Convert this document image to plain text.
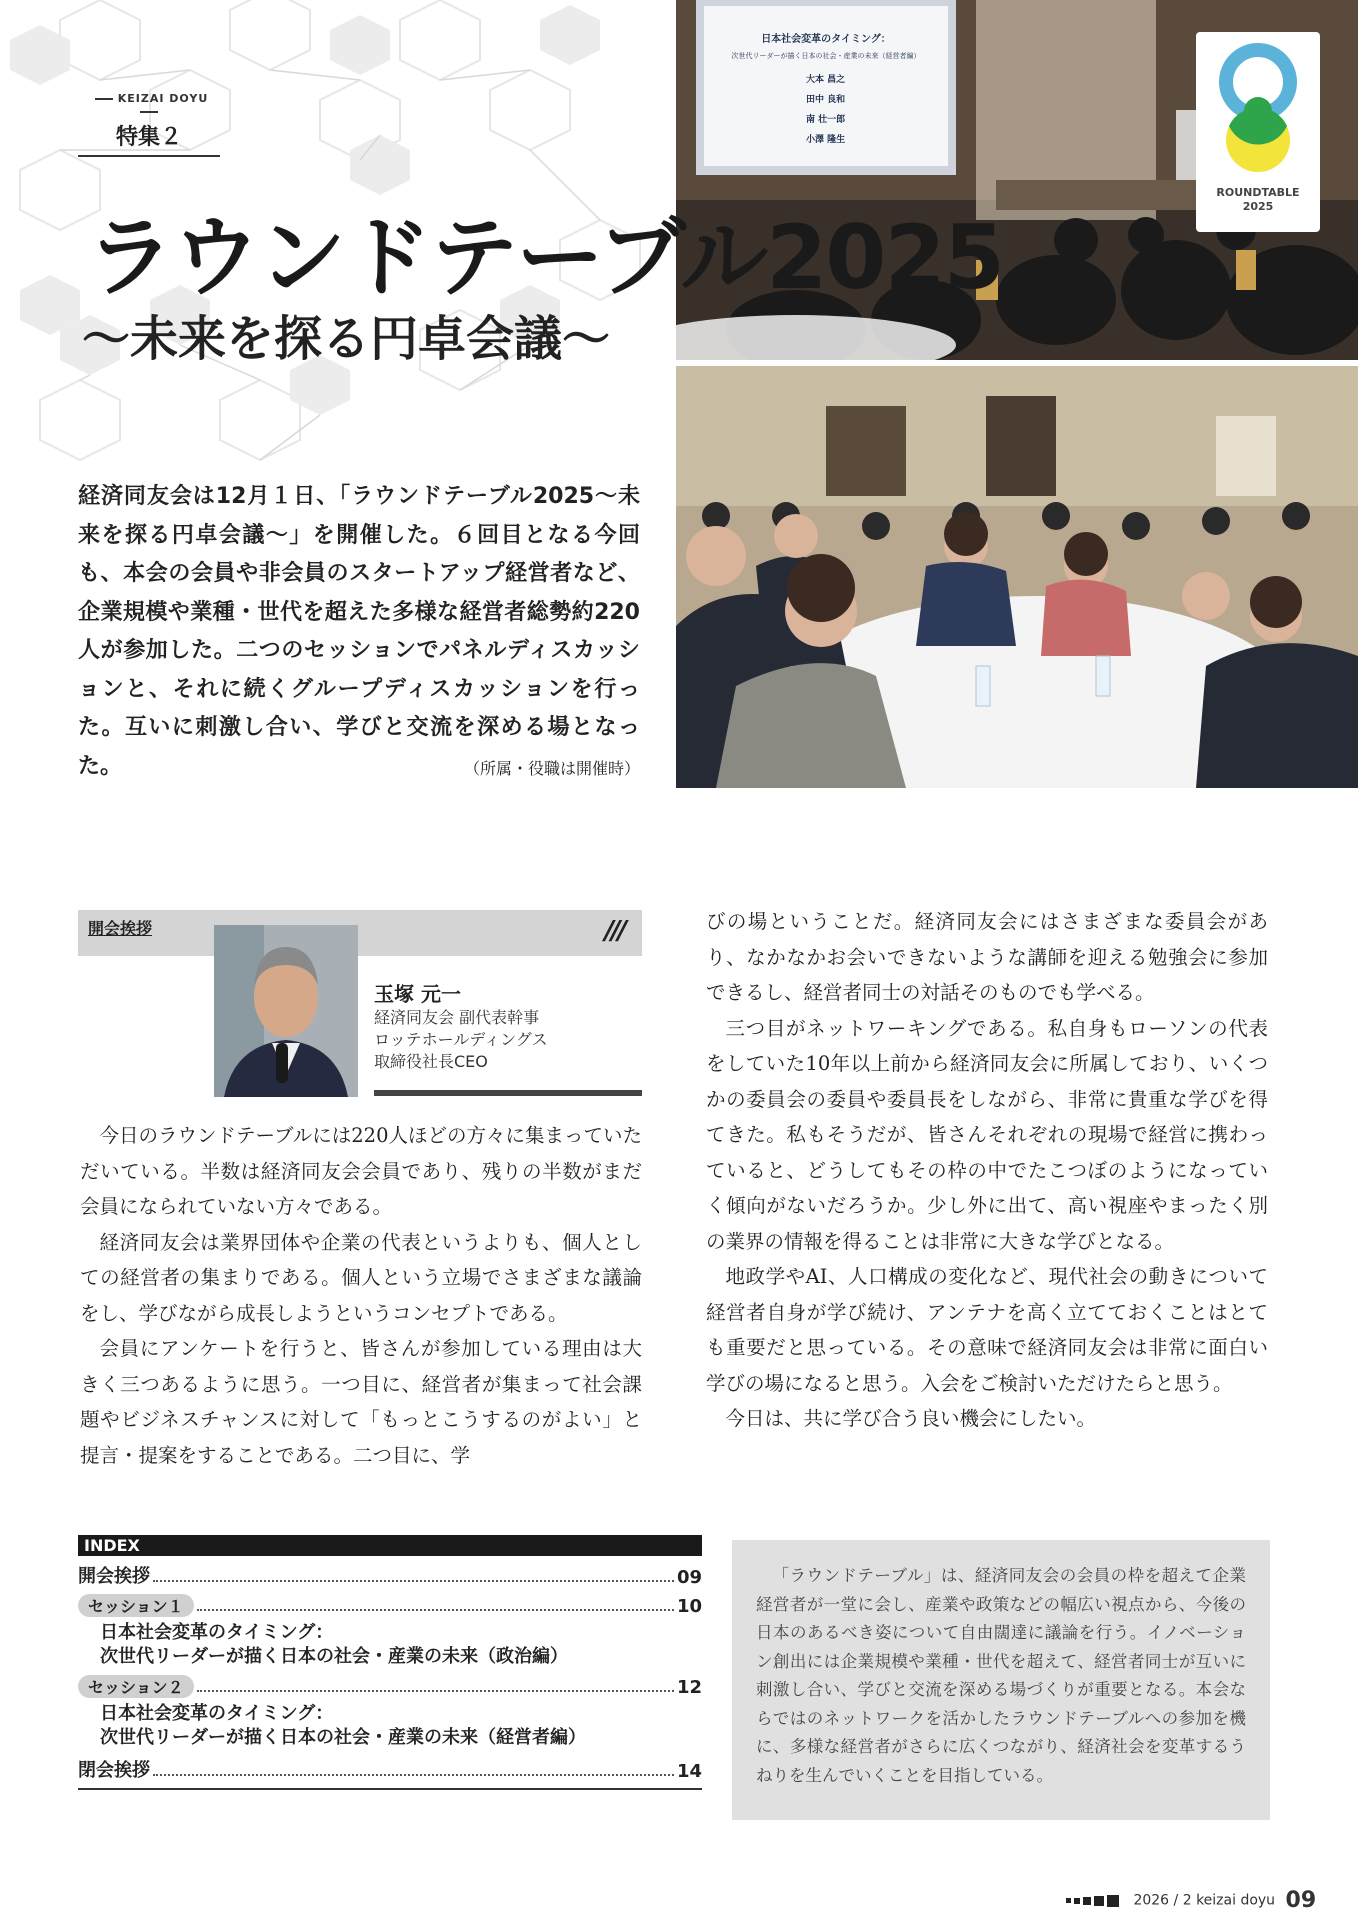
KEIZAI DOYU
特集２
日本社会変革のタイミング：
次世代リーダーが描く日本の社会・産業の未来（経営者編）
大本 昌之
田中 良和
南 壮一郎
小澤 隆生
ROUNDTABLE
2025
ラウンドテーブル2025
〜未来を探る円卓会議〜
経済同友会は12月１日、「ラウンドテーブル2025〜未来を探る円卓会議〜」を開催した。６回目となる今回も、本会の会員や非会員のスタートアップ経営者など、企業規模や業種・世代を超えた多様な経営者総勢約220人が参加した。二つのセッションでパネルディスカッションと、それに続くグループディスカッションを行った。互いに刺激し合い、学びと交流を深める場となった。	（所属・役職は開催時）
開会挨拶	///
玉塚 元一
経済同友会 副代表幹事
ロッテホールディングス
取締役社長CEO

今日のラウンドテーブルには220人ほどの方々に集まっていただいている。半数は経済同友会会員であり、残りの半数がまだ会員になられていない方々である。

経済同友会は業界団体や企業の代表というよりも、個人としての経営者の集まりである。個人という立場でさまざまな議論をし、学びながら成長しようというコンセプトである。

会員にアンケートを行うと、皆さんが参加している理由は大きく三つあるように思う。一つ目に、経営者が集まって社会課題やビジネスチャンスに対して「もっとこうするのがよい」と提言・提案をすることである。二つ目に、学

びの場ということだ。経済同友会にはさまざまな委員会があり、なかなかお会いできないような講師を迎える勉強会に参加できるし、経営者同士の対話そのものでも学べる。

三つ目がネットワーキングである。私自身もローソンの代表をしていた10年以上前から経済同友会に所属しており、いくつかの委員会の委員や委員長をしながら、非常に貴重な学びを得てきた。私もそうだが、皆さんそれぞれの現場で経営に携わっていると、どうしてもその枠の中でたこつぼのようになっていく傾向がないだろうか。少し外に出て、高い視座やまったく別の業界の情報を得ることは非常に大きな学びとなる。

地政学やAI、人口構成の変化など、現代社会の動きについて経営者自身が学び続け、アンテナを高く立てておくことはとても重要だと思っている。その意味で経済同友会は非常に面白い学びの場になると思う。入会をご検討いただけたらと思う。

今日は、共に学び合う良い機会にしたい。

INDEX
開会挨拶	09
セッション１	10
日本社会変革のタイミング：
次世代リーダーが描く日本の社会・産業の未来（政治編）
セッション２	12
日本社会変革のタイミング：
次世代リーダーが描く日本の社会・産業の未来（経営者編）
閉会挨拶	14
「ラウンドテーブル」は、経済同友会の会員の枠を超えて企業経営者が一堂に会し、産業や政策などの幅広い視点から、今後の日本のあるべき姿について自由闊達に議論を行う。イノベーション創出には企業規模や業種・世代を超えて、経営者同士が互いに刺激し合い、学びと交流を深める場づくりが重要となる。本会ならではのネットワークを活かしたラウンドテーブルへの参加を機に、多様な経営者がさらに広くつながり、経済社会を変革するうねりを生んでいくことを目指している。
2026 / 2 keizai doyu 09
